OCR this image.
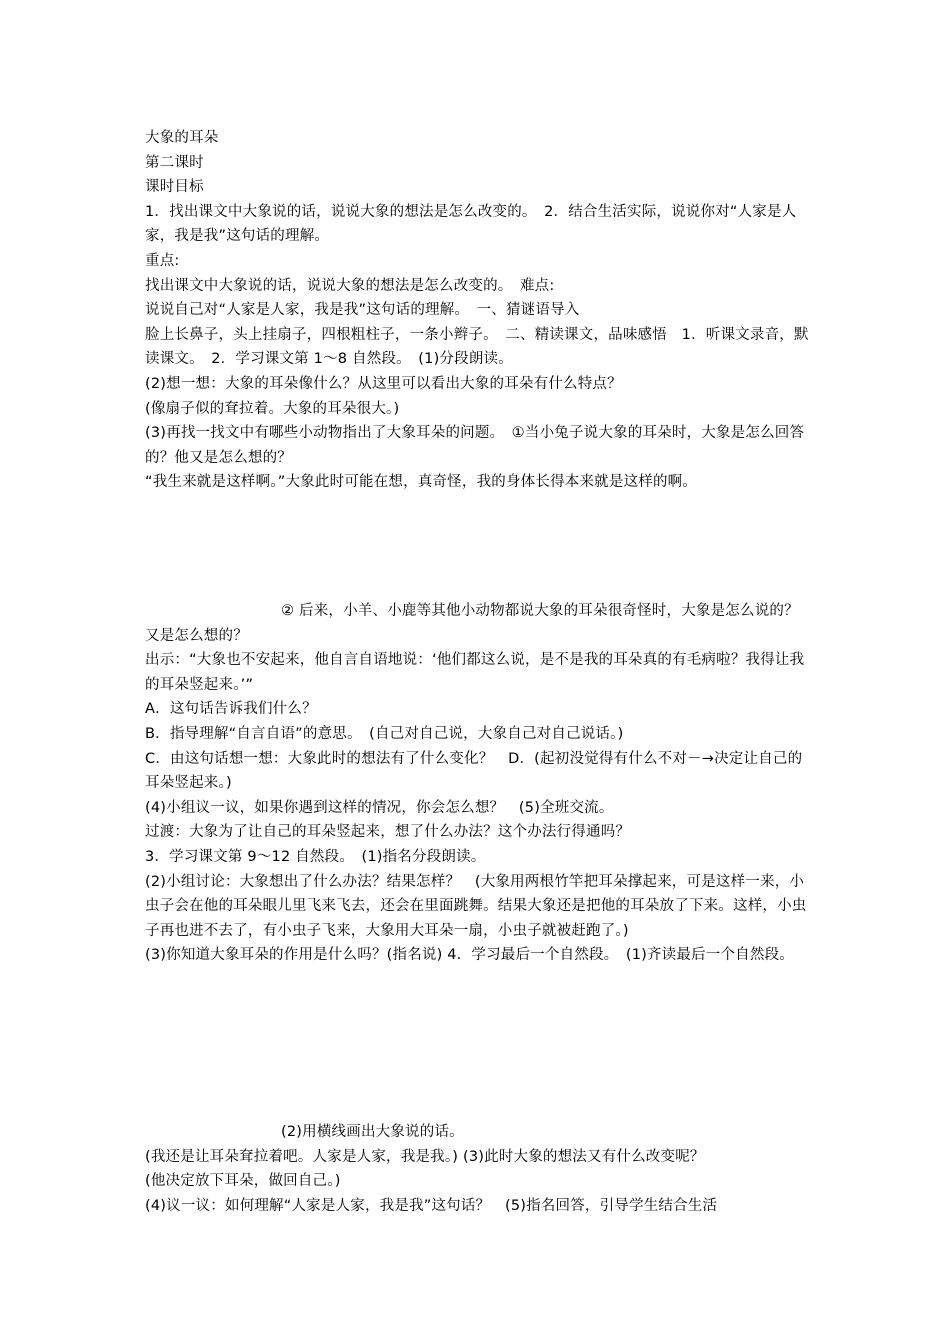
大象的耳朵

第二课时

课时目标

1．找出课文中大象说的话，说说大象的想法是怎么改变的。　2．结合生活实际，说说你对“人家是人家，我是我”这句话的理解。

重点:

找出课文中大象说的话，说说大象的想法是怎么改变的。　难点:

说说自己对“人家是人家，我是我”这句话的理解。　一、猜谜语导入

脸上长鼻子，头上挂扇子，四根粗柱子，一条小辫子。　二、精读课文，品味感悟　1．听课文录音，默读课文。　2．学习课文第 1～8 自然段。　(1)分段朗读。

(2)想一想：大象的耳朵像什么？从这里可以看出大象的耳朵有什么特点？

(像扇子似的耷拉着。大象的耳朵很大。)

(3)再找一找文中有哪些小动物指出了大象耳朵的问题。　①当小兔子说大象的耳朵时，大象是怎么回答的？他又是怎么想的？

“我生来就是这样啊。”大象此时可能在想，真奇怪，我的身体长得本来就是这样的啊。

② 后来，小羊、小鹿等其他小动物都说大象的耳朵很奇怪时，大象是怎么说的？又是怎么想的？

出示：“大象也不安起来，他自言自语地说：‘他们都这么说，是不是我的耳朵真的有毛病啦？我得让我的耳朵竖起来。’”

A．这句话告诉我们什么？

B．指导理解“自言自语”的意思。　(自己对自己说，大象自己对自己说话。)

C．由这句话想一想：大象此时的想法有了什么变化？　D．(起初没觉得有什么不对－→决定让自己的耳朵竖起来。)

(4)小组议一议，如果你遇到这样的情况，你会怎么想？　(5)全班交流。

过渡：大象为了让自己的耳朵竖起来，想了什么办法？这个办法行得通吗？

3．学习课文第 9～12 自然段。　(1)指名分段朗读。

(2)小组讨论：大象想出了什么办法？结果怎样？　(大象用两根竹竿把耳朵撑起来，可是这样一来，小虫子会在他的耳朵眼儿里飞来飞去，还会在里面跳舞。结果大象还是把他的耳朵放了下来。这样，小虫子再也进不去了，有小虫子飞来，大象用大耳朵一扇，小虫子就被赶跑了。)

(3)你知道大象耳朵的作用是什么吗？(指名说) 4．学习最后一个自然段。　(1)齐读最后一个自然段。

(2)用横线画出大象说的话。

(我还是让耳朵耷拉着吧。人家是人家，我是我。) (3)此时大象的想法又有什么改变呢？

(他决定放下耳朵，做回自己。)

(4)议一议：如何理解“人家是人家，我是我”这句话？　(5)指名回答，引导学生结合生活
